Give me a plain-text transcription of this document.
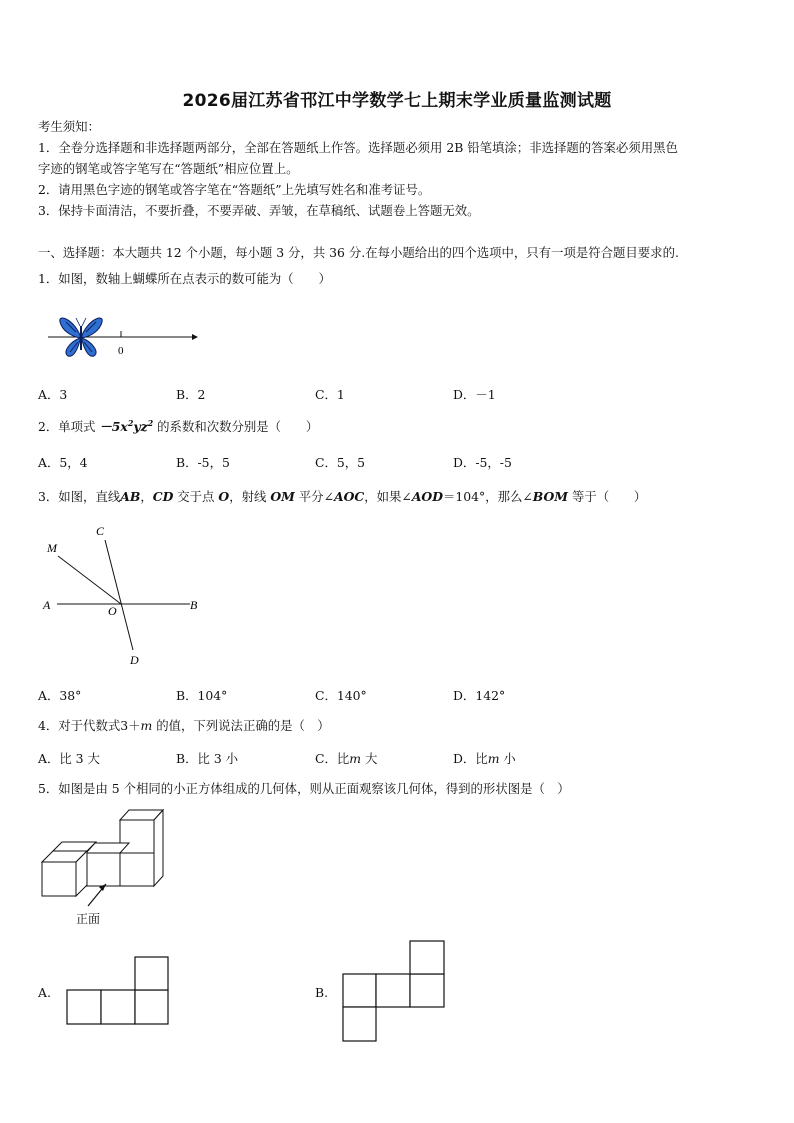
2026届江苏省邗江中学数学七上期末学业质量监测试题
考生须知：
1．全卷分选择题和非选择题两部分，全部在答题纸上作答。选择题必须用 2B 铅笔填涂；非选择题的答案必须用黑色
字迹的钢笔或答字笔写在“答题纸”相应位置上。
2．请用黑色字迹的钢笔或答字笔在“答题纸”上先填写姓名和准考证号。
3．保持卡面清洁，不要折叠，不要弄破、弄皱，在草稿纸、试题卷上答题无效。
一、选择题：本大题共 12 个小题，每小题 3 分，共 36 分.在每小题给出的四个选项中，只有一项是符合题目要求的.
1．如图，数轴上蝴蝶所在点表示的数可能为（　　）
0
A．3	B．2	C．1	D．－1
2．单项式 $-5x^2yz^2$ 的系数和次数分别是（　　）
A．5，4	B．-5，5	C．5，5	D．-5，-5
3．如图，直线AB，CD 交于点 O，射线 OM 平分∠AOC，如果∠AOD＝104°，那么∠BOM 等于（　　）
M
C
A	O	B
D
A．38°	B．104°	C．140°	D．142°
4．对于代数式3＋m 的值，下列说法正确的是（　）
A．比 3 大	B．比 3 小	C．比m 大	D．比m 小
5．如图是由 5 个相同的小正方体组成的几何体，则从正面观察该几何体，得到的形状图是（　）
正面
A.	B.
